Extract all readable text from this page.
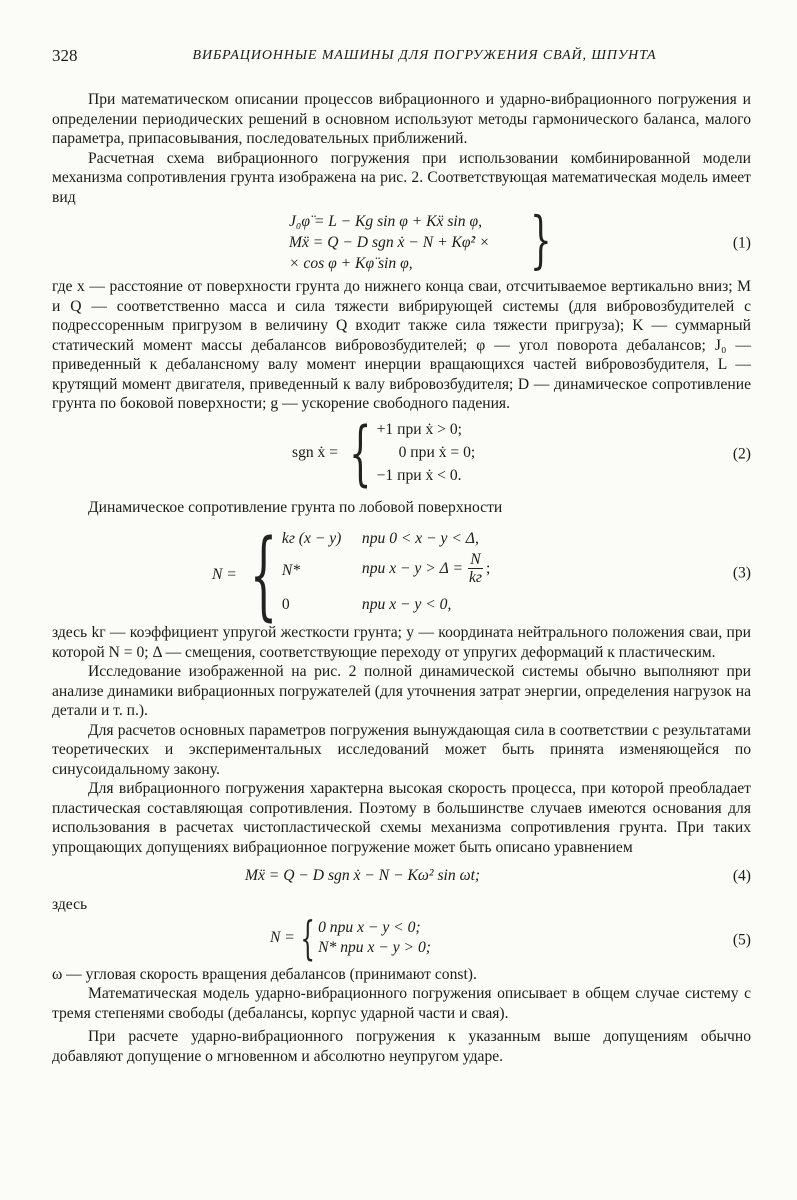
328	ВИБРАЦИОННЫЕ МАШИНЫ ДЛЯ ПОГРУЖЕНИЯ СВАЙ, ШПУНТА

При математическом описании процессов вибрационного и ударно-вибрационного погружения и определении периодических решений в основном используют методы гармонического баланса, малого параметра, припасовывания, последовательных приближений.

Расчетная схема вибрационного погружения при использовании комбинированной модели механизма сопротивления грунта изображена на рис. 2. Соответствующая математическая модель имеет вид

J₀φ̈ = L − Kg sin φ + Kẍ sin φ,
Mẍ = Q − D sgn ẋ − N + Kφ̇² ×
× cos φ + Kφ̈ sin φ,	}	(1)

где x — расстояние от поверхности грунта до нижнего конца сваи, отсчитываемое вертикально вниз; M и Q — соответственно масса и сила тяжести вибрирующей системы (для вибровозбудителей с подрессоренным пригрузом в величину Q входит также сила тяжести пригруза); K — суммарный статический момент массы дебалансов вибровозбудителей; φ — угол поворота дебалансов; J₀ — приведенный к дебалансному валу момент инерции вращающихся частей вибровозбудителя, L — крутящий момент двигателя, приведенный к валу вибровозбудителя; D — динамическое сопротивление грунта по боковой поверхности; g — ускорение свободного падения.

sgn ẋ = { +1 при ẋ > 0;
0 при ẋ = 0;
−1 при ẋ < 0.
(2)

Динамическое сопротивление грунта по лобовой поверхности

N = { kг (x − y) при 0 < x − y < Δ,
N*	при $x - y > \Delta = \frac{N}{kг}$ ;
0	при x − y < 0,
(3)

здесь kг — коэффициент упругой жесткости грунта; y — координата нейтрального положения сваи, при которой N = 0; Δ — смещения, соответствующие переходу от упругих деформаций к пластическим.

Исследование изображенной на рис. 2 полной динамической системы обычно выполняют при анализе динамики вибрационных погружателей (для уточнения затрат энергии, определения нагрузок на детали и т. п.).

Для расчетов основных параметров погружения вынуждающая сила в соответствии с результатами теоретических и экспериментальных исследований может быть принята изменяющейся по синусоидальному закону.

Для вибрационного погружения характерна высокая скорость процесса, при которой преобладает пластическая составляющая сопротивления. Поэтому в большинстве случаев имеются основания для использования в расчетах чистопластической схемы механизма сопротивления грунта. При таких упрощающих допущениях вибрационное погружение может быть описано уравнением

Mẍ = Q − D sgn ẋ − N − Kω² sin ωt;	(4)

здесь

N = { 0 при x − y < 0;
N* при x − y > 0;	(5)

ω — угловая скорость вращения дебалансов (принимают const).

Математическая модель ударно-вибрационного погружения описывает в общем случае систему с тремя степенями свободы (дебалансы, корпус ударной части и свая).

При расчете ударно-вибрационного погружения к указанным выше допущениям обычно добавляют допущение о мгновенном и абсолютно неупругом ударе.
